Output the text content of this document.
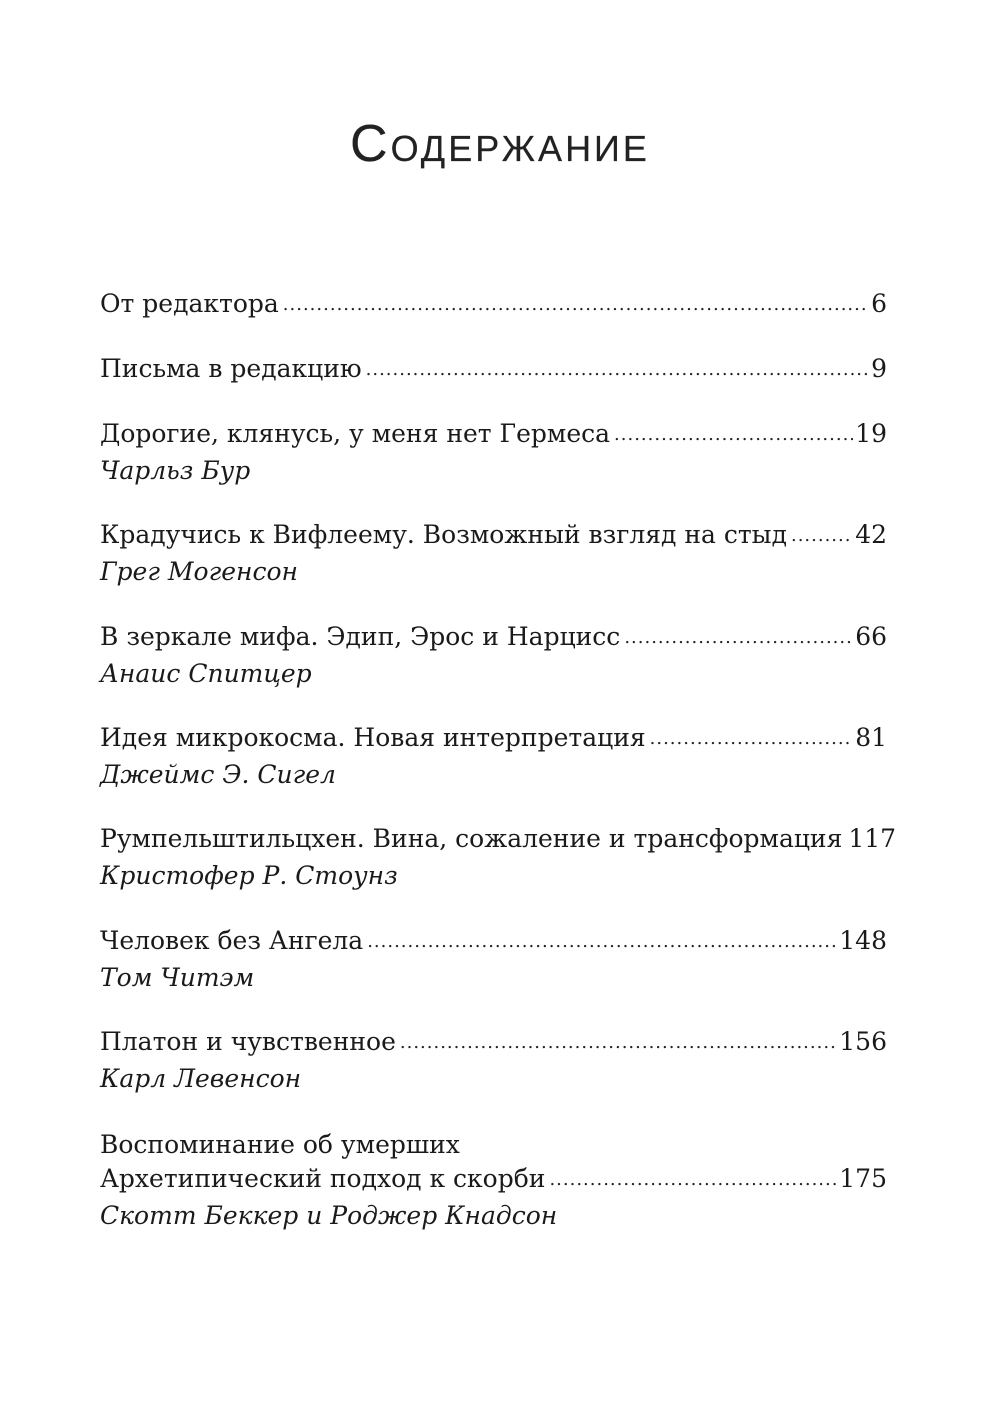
Содержание
От редактора .....	6
Письма в редакцию .....	9
Дорогие, клянусь, у меня нет Гермеса .....	19
Чарльз Бур
Крадучись к Вифлеему. Возможный взгляд на стыд .....	42
Грег Могенсон
В зеркале мифа. Эдип, Эрос и Нарцисс .....	66
Анаис Спитцер
Идея микрокосма. Новая интерпретация .....	81
Джеймс Э. Сигел
Румпельштильцхен. Вина, сожаление и трансформация 117
Кристофер Р. Стоунз
Человек без Ангела .....	148
Том Читэм
Платон и чувственное .....	156
Карл Левенсон
Воспоминание об умерших
Архетипический подход к скорби .....	175
Скотт Беккер и Роджер Кнадсон
